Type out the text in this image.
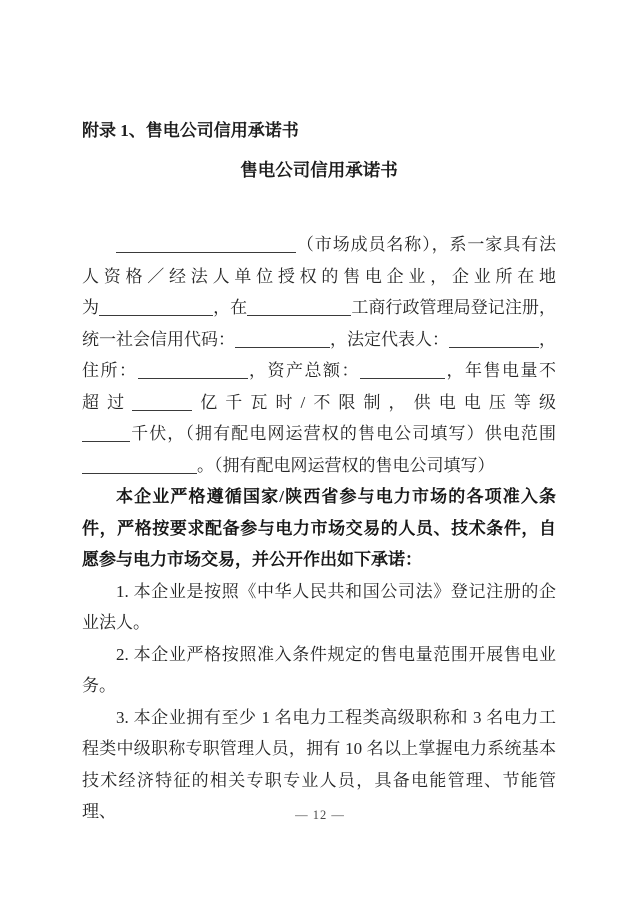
附录 1、售电公司信用承诺书
售电公司信用承诺书

（市场成员名称），系一家具有法人资格／经法人单位授权的售电企业，企业所在地为	，在	工商行政管理局登记注册，统一社会信用代码：	，法定代表人：	，住所：	，资产总额：	，年售电量不超过	亿千瓦时/不限制，供电电压等级千伏，（拥有配电网运营权的售电公司填写）供电范围。（拥有配电网运营权的售电公司填写）

本企业严格遵循国家/陕西省参与电力市场的各项准入条件，严格按要求配备参与电力市场交易的人员、技术条件，自愿参与电力市场交易，并公开作出如下承诺：

1. 本企业是按照《中华人民共和国公司法》登记注册的企业法人。

2. 本企业严格按照准入条件规定的售电量范围开展售电业务。

3. 本企业拥有至少 1 名电力工程类高级职称和 3 名电力工程类中级职称专职管理人员，拥有 10 名以上掌握电力系统基本技术经济特征的相关专职专业人员，具备电能管理、节能管理、	— 12 —
